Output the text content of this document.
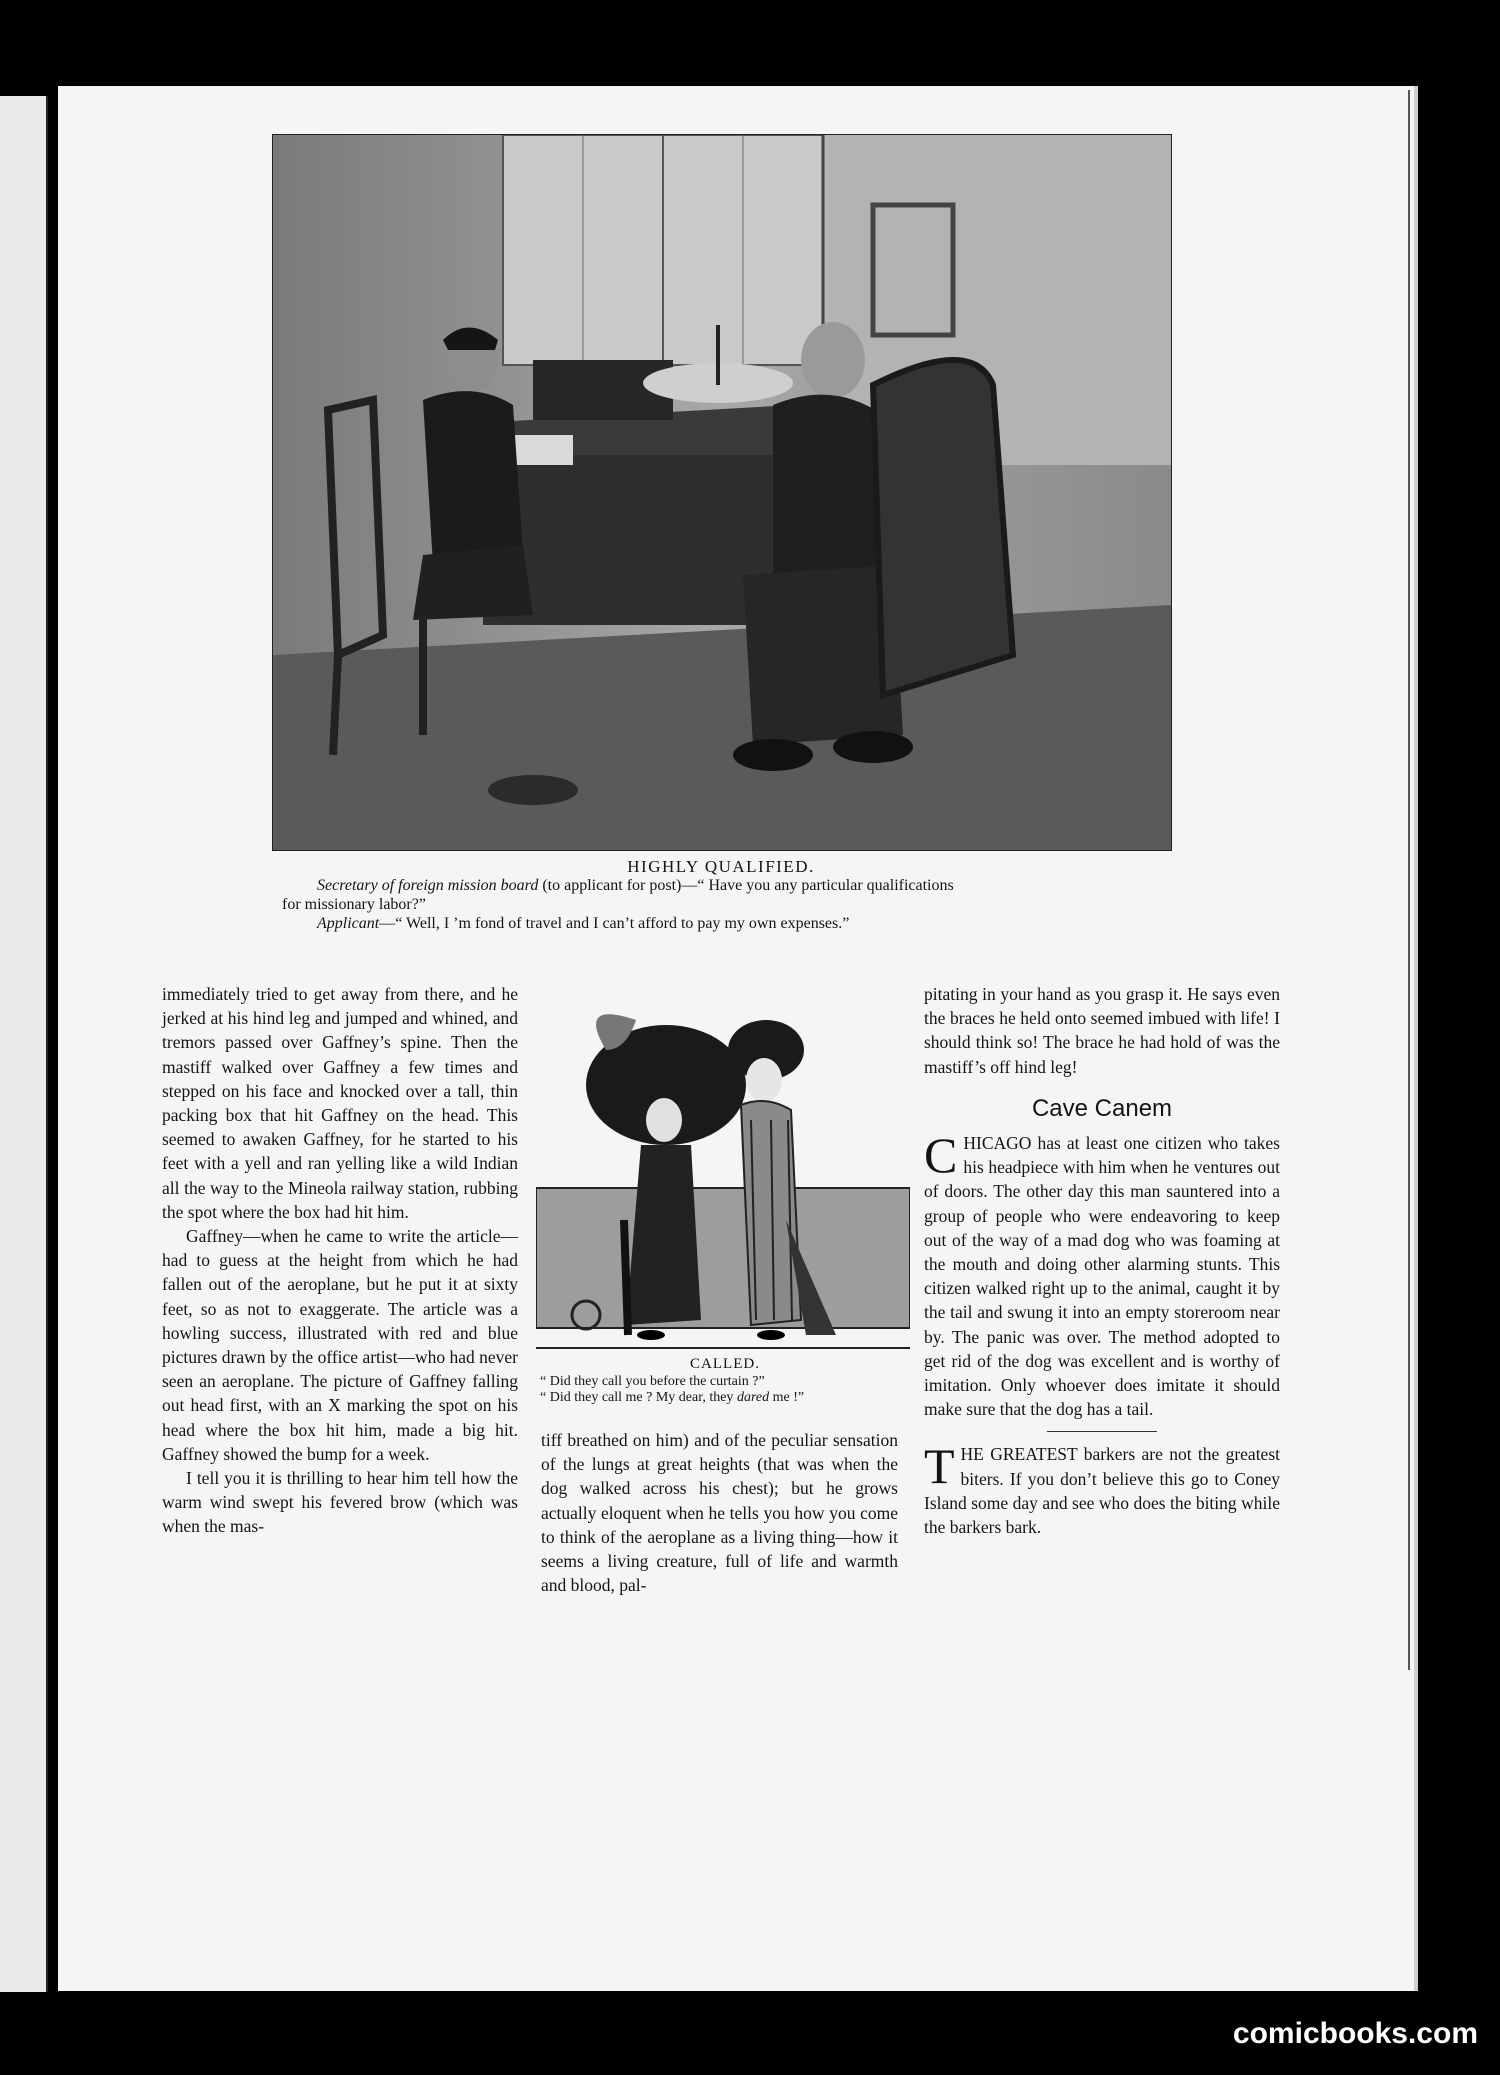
HIGHLY QUALIFIED.

Secretary of foreign mission board (to applicant for post)—“ Have you any particular qualifications

for missionary labor?”

Applicant—“ Well, I ’m fond of travel and I can’t afford to pay my own expenses.”

immediately tried to get away from there, and he jerked at his hind leg and jumped and whined, and tremors passed over Gaffney’s spine. Then the mastiff walked over Gaffney a few times and stepped on his face and knocked over a tall, thin packing box that hit Gaffney on the head. This seemed to awaken Gaffney, for he started to his feet with a yell and ran yelling like a wild Indian all the way to the Mineola railway station, rubbing the spot where the box had hit him.

Gaffney—when he came to write the article—had to guess at the height from which he had fallen out of the aeroplane, but he put it at sixty feet, so as not to exaggerate. The article was a howling success, illustrated with red and blue pictures drawn by the office artist—who had never seen an aeroplane. The picture of Gaffney falling out head first, with an X marking the spot on his head where the box hit him, made a big hit. Gaffney showed the bump for a week.

I tell you it is thrilling to hear him tell how the warm wind swept his fevered brow (which was when the mas-

CALLED.

“ Did they call you before the curtain ?”

“ Did they call me ? My dear, they dared me !”

tiff breathed on him) and of the peculiar sensation of the lungs at great heights (that was when the dog walked across his chest); but he grows actually eloquent when he tells you how you come to think of the aeroplane as a living thing—how it seems a living creature, full of life and warmth and blood, pal-

pitating in your hand as you grasp it. He says even the braces he held onto seemed imbued with life! I should think so! The brace he had hold of was the mastiff’s off hind leg!

Cave Canem

CHICAGO has at least one citizen who takes his headpiece with him when he ventures out of doors. The other day this man sauntered into a group of people who were endeavoring to keep out of the way of a mad dog who was foaming at the mouth and doing other alarming stunts. This citizen walked right up to the animal, caught it by the tail and swung it into an empty storeroom near by. The panic was over. The method adopted to get rid of the dog was excellent and is worthy of imitation. Only whoever does imitate it should make sure that the dog has a tail.

THE GREATEST barkers are not the greatest biters. If you don’t believe this go to Coney Island some day and see who does the biting while the barkers bark.

comicbooks.com
